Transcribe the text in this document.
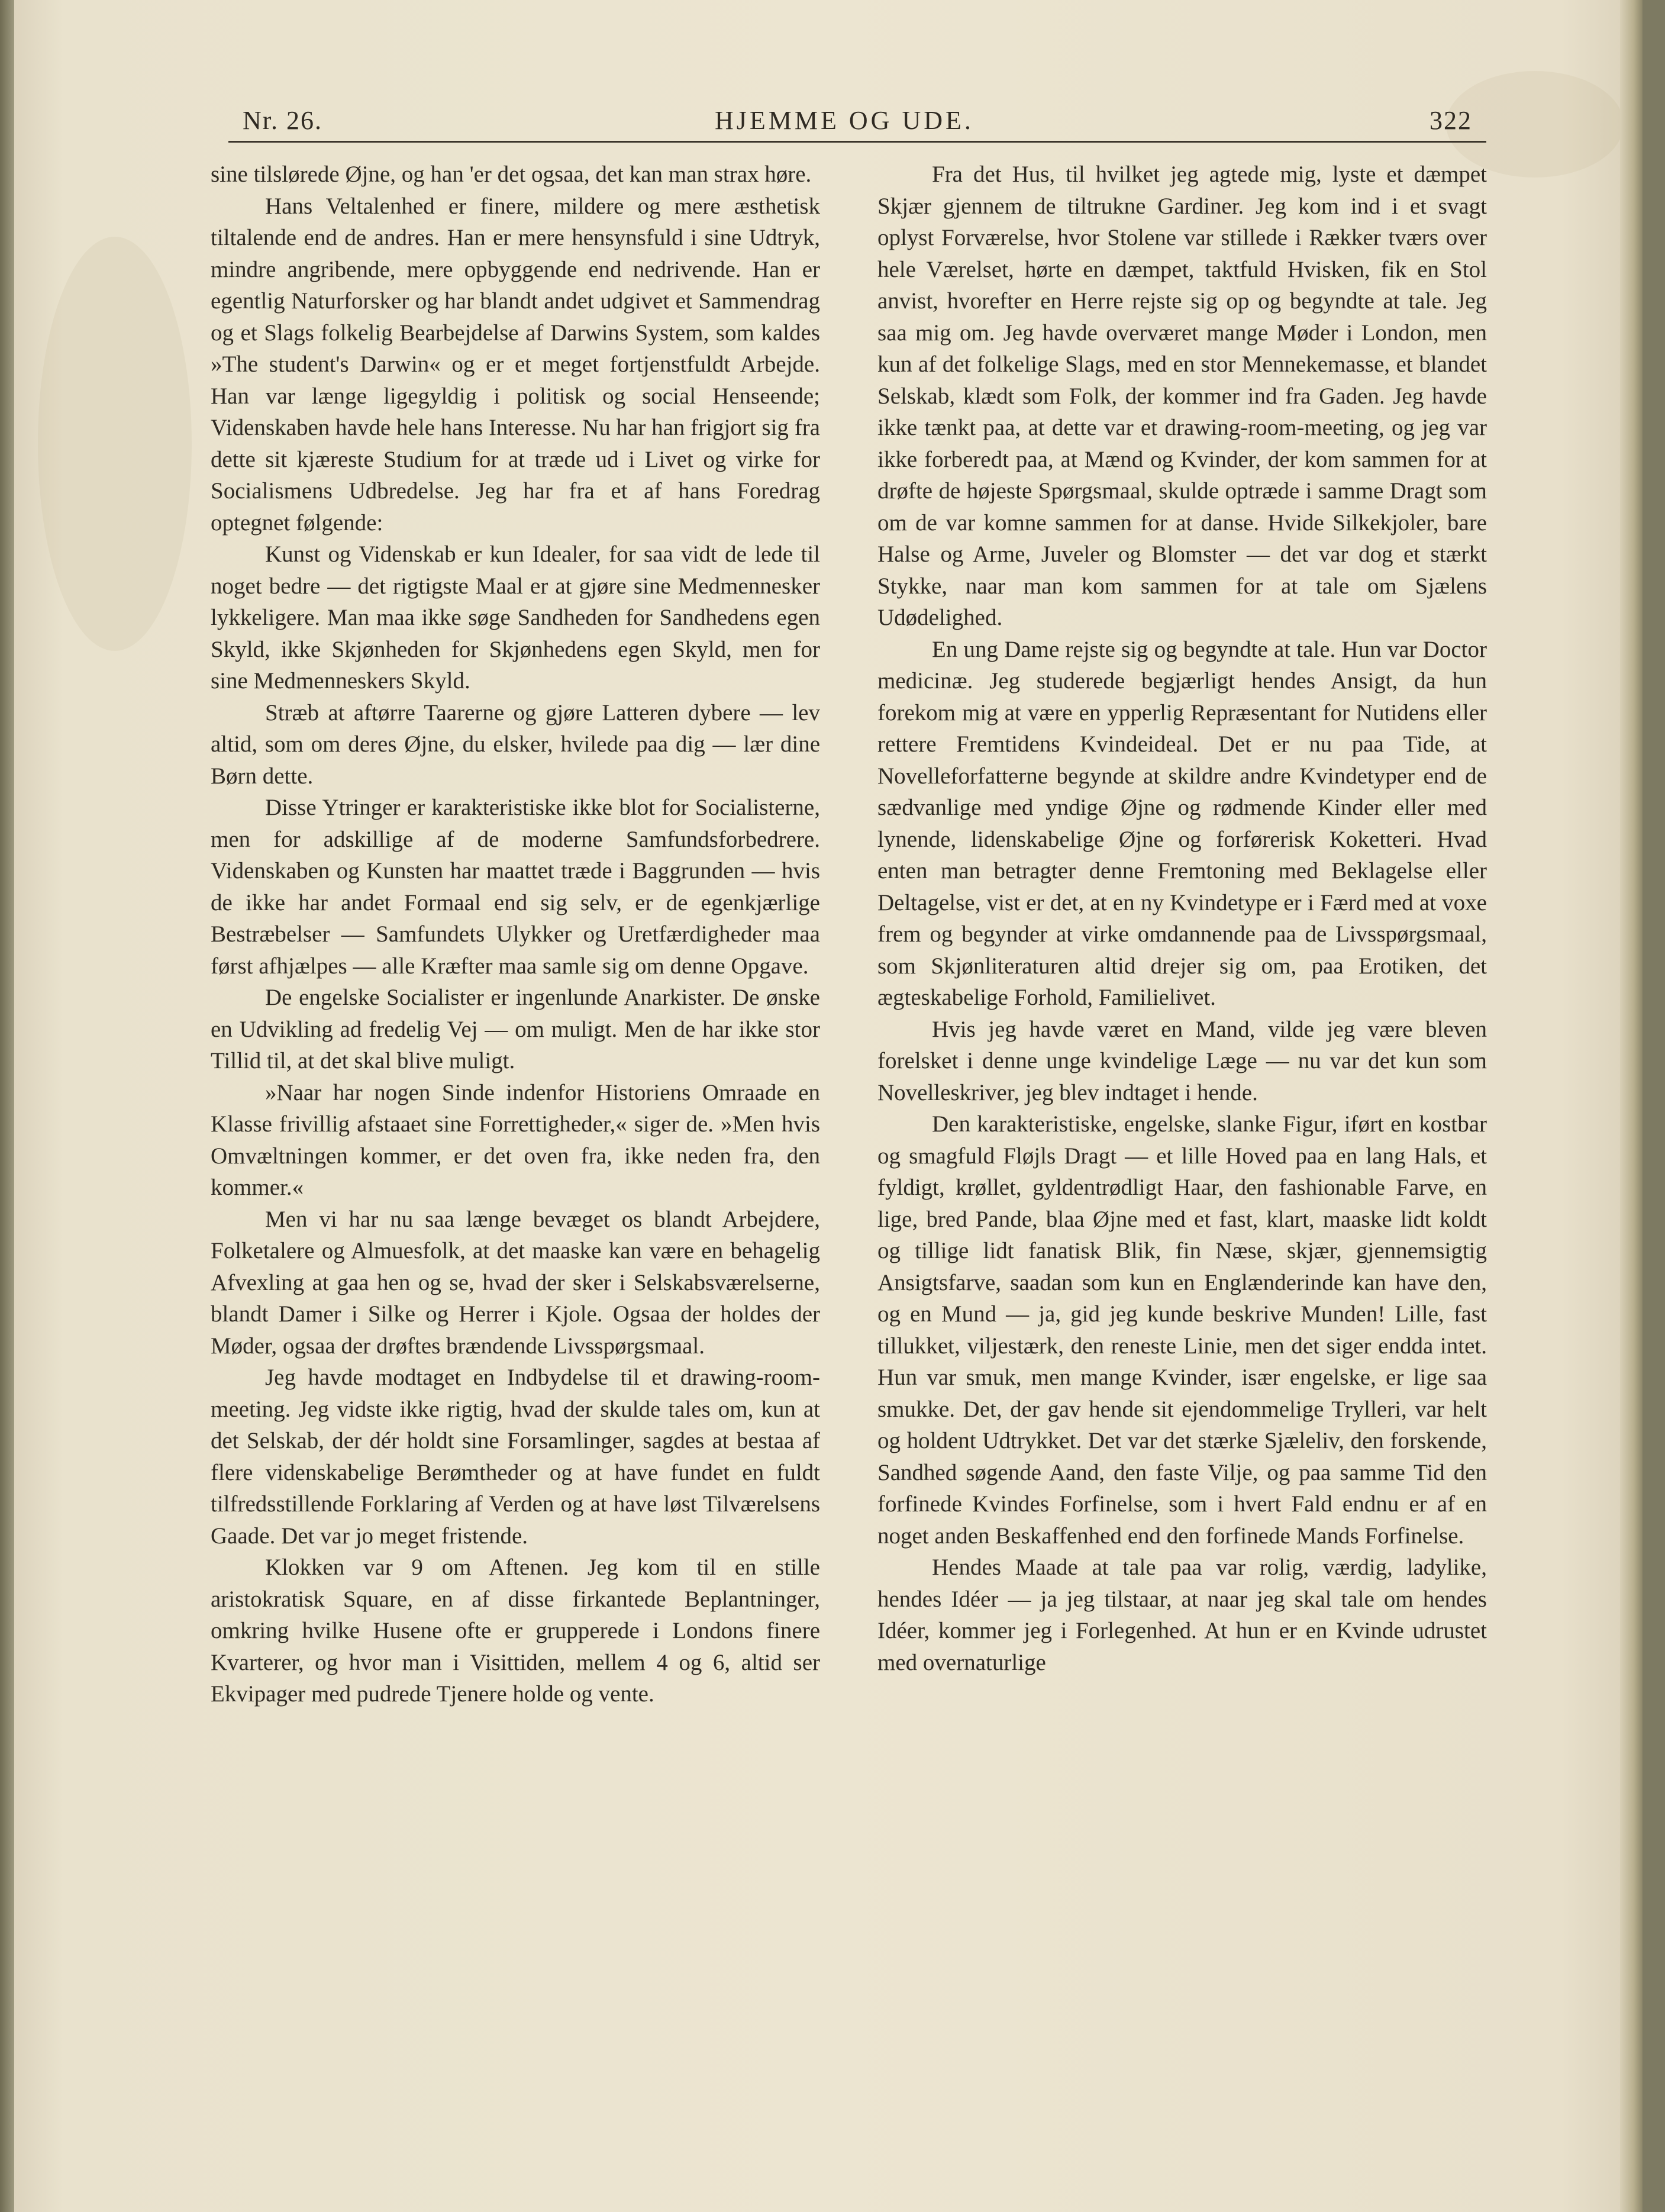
Nr. 26.	HJEMME OG UDE.	322

sine tilslørede Øjne, og han 'er det ogsaa, det kan man strax høre.

Hans Veltalenhed er finere, mildere og mere æsthetisk tiltalende end de andres. Han er mere hensynsfuld i sine Udtryk, mindre angribende, mere opbyggende end nedrivende. Han er egentlig Naturforsker og har blandt andet udgivet et Sammendrag og et Slags folkelig Bearbejdelse af Darwins System, som kaldes »The student's Darwin« og er et meget fortjenstfuldt Arbejde. Han var længe ligegyldig i politisk og social Henseende; Videnskaben havde hele hans Interesse. Nu har han frigjort sig fra dette sit kjæreste Studium for at træde ud i Livet og virke for Socialismens Udbredelse. Jeg har fra et af hans Foredrag optegnet følgende:

Kunst og Videnskab er kun Idealer, for saa vidt de lede til noget bedre — det rigtigste Maal er at gjøre sine Medmennesker lykkeligere. Man maa ikke søge Sandheden for Sandhedens egen Skyld, ikke Skjønheden for Skjønhedens egen Skyld, men for sine Medmenneskers Skyld.

Stræb at aftørre Taarerne og gjøre Latteren dybere — lev altid, som om deres Øjne, du elsker, hvilede paa dig — lær dine Børn dette.

Disse Ytringer er karakteristiske ikke blot for Socialisterne, men for adskillige af de moderne Samfundsforbedrere. Videnskaben og Kunsten har maattet træde i Baggrunden — hvis de ikke har andet Formaal end sig selv, er de egenkjærlige Bestræbelser — Samfundets Ulykker og Uretfærdigheder maa først afhjælpes — alle Kræfter maa samle sig om denne Opgave.

De engelske Socialister er ingenlunde Anarkister. De ønske en Udvikling ad fredelig Vej — om muligt. Men de har ikke stor Tillid til, at det skal blive muligt.

»Naar har nogen Sinde indenfor Historiens Omraade en Klasse frivillig afstaaet sine Forrettigheder,« siger de. »Men hvis Omvæltningen kommer, er det oven fra, ikke neden fra, den kommer.«

Men vi har nu saa længe bevæget os blandt Arbejdere, Folketalere og Almuesfolk, at det maaske kan være en behagelig Afvexling at gaa hen og se, hvad der sker i Selskabsværelserne, blandt Damer i Silke og Herrer i Kjole. Ogsaa der holdes der Møder, ogsaa der drøftes brændende Livsspørgsmaal.

Jeg havde modtaget en Indbydelse til et drawing-room-meeting. Jeg vidste ikke rigtig, hvad der skulde tales om, kun at det Selskab, der dér holdt sine Forsamlinger, sagdes at bestaa af flere videnskabelige Berømtheder og at have fundet en fuldt tilfredsstillende Forklaring af Verden og at have løst Tilværelsens Gaade. Det var jo meget fristende.

Klokken var 9 om Aftenen. Jeg kom til en stille aristokratisk Square, en af disse firkantede Beplantninger, omkring hvilke Husene ofte er grupperede i Londons finere Kvarterer, og hvor man i Visittiden, mellem 4 og 6, altid ser Ekvipager med pudrede Tjenere holde og vente.

Fra det Hus, til hvilket jeg agtede mig, lyste et dæmpet Skjær gjennem de tiltrukne Gardiner. Jeg kom ind i et svagt oplyst Forværelse, hvor Stolene var stillede i Rækker tværs over hele Værelset, hørte en dæmpet, taktfuld Hvisken, fik en Stol anvist, hvorefter en Herre rejste sig op og begyndte at tale. Jeg saa mig om. Jeg havde overværet mange Møder i London, men kun af det folkelige Slags, med en stor Mennekemasse, et blandet Selskab, klædt som Folk, der kommer ind fra Gaden. Jeg havde ikke tænkt paa, at dette var et drawing-room-meeting, og jeg var ikke forberedt paa, at Mænd og Kvinder, der kom sammen for at drøfte de højeste Spørgsmaal, skulde optræde i samme Dragt som om de var komne sammen for at danse. Hvide Silkekjoler, bare Halse og Arme, Juveler og Blomster — det var dog et stærkt Stykke, naar man kom sammen for at tale om Sjælens Udødelighed.

En ung Dame rejste sig og begyndte at tale. Hun var Doctor medicinæ. Jeg studerede begjærligt hendes Ansigt, da hun forekom mig at være en ypperlig Repræsentant for Nutidens eller rettere Fremtidens Kvindeideal. Det er nu paa Tide, at Novelleforfatterne begynde at skildre andre Kvindetyper end de sædvanlige med yndige Øjne og rødmende Kinder eller med lynende, lidenskabelige Øjne og forførerisk Koketteri. Hvad enten man betragter denne Fremtoning med Beklagelse eller Deltagelse, vist er det, at en ny Kvindetype er i Færd med at voxe frem og begynder at virke omdannende paa de Livsspørgsmaal, som Skjønliteraturen altid drejer sig om, paa Erotiken, det ægteskabelige Forhold, Familielivet.

Hvis jeg havde været en Mand, vilde jeg være bleven forelsket i denne unge kvindelige Læge — nu var det kun som Novelleskriver, jeg blev indtaget i hende.

Den karakteristiske, engelske, slanke Figur, iført en kostbar og smagfuld Fløjls Dragt — et lille Hoved paa en lang Hals, et fyldigt, krøllet, gyldentrødligt Haar, den fashionable Farve, en lige, bred Pande, blaa Øjne med et fast, klart, maaske lidt koldt og tillige lidt fanatisk Blik, fin Næse, skjær, gjennemsigtig Ansigtsfarve, saadan som kun en Englænderinde kan have den, og en Mund — ja, gid jeg kunde beskrive Munden! Lille, fast tillukket, viljestærk, den reneste Linie, men det siger endda intet. Hun var smuk, men mange Kvinder, især engelske, er lige saa smukke. Det, der gav hende sit ejendommelige Trylleri, var helt og holdent Udtrykket. Det var det stærke Sjæleliv, den forskende, Sandhed søgende Aand, den faste Vilje, og paa samme Tid den forfinede Kvindes Forfinelse, som i hvert Fald endnu er af en noget anden Beskaffenhed end den forfinede Mands Forfinelse.

Hendes Maade at tale paa var rolig, værdig, ladylike, hendes Idéer — ja jeg tilstaar, at naar jeg skal tale om hendes Idéer, kommer jeg i Forlegenhed. At hun er en Kvinde udrustet med overnaturlige
